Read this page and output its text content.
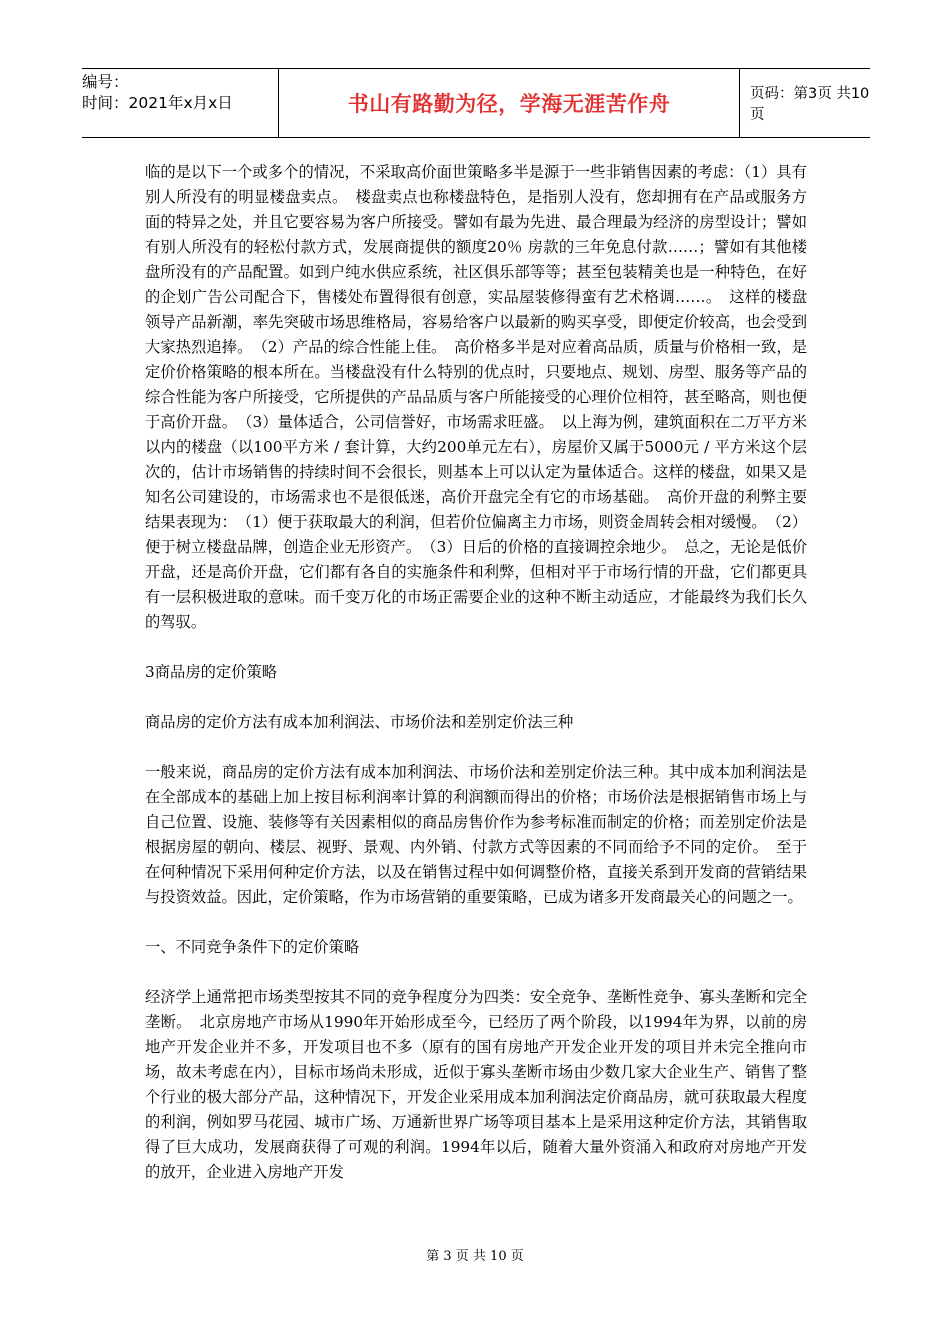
编号：
时间：2021年x月x日	书山有路勤为径，学海无涯苦作舟	页码：第3页 共10页

临的是以下一个或多个的情况，不采取高价面世策略多半是源于一些非销售因素的考虑：（1）具有别人所没有的明显楼盘卖点。　楼盘卖点也称楼盘特色，是指别人没有，您却拥有在产品或服务方面的特异之处，并且它要容易为客户所接受。譬如有最为先进、最合理最为经济的房型设计；譬如有别人所没有的轻松付款方式，发展商提供的额度20％ 房款的三年免息付款……；譬如有其他楼盘所没有的产品配置。如到户纯水供应系统，社区俱乐部等等；甚至包装精美也是一种特色，在好的企划广告公司配合下，售楼处布置得很有创意，实品屋装修得蛮有艺术格调……。　这样的楼盘领导产品新潮，率先突破市场思维格局，容易给客户以最新的购买享受，即便定价较高，也会受到大家热烈追捧。　（2）产品的综合性能上佳。　高价格多半是对应着高品质，质量与价格相一致，是定价价格策略的根本所在。当楼盘没有什么特别的优点时，只要地点、规划、房型、服务等产品的综合性能为客户所接受，它所提供的产品品质与客户所能接受的心理价位相符，甚至略高，则也便于高价开盘。　（3）量体适合，公司信誉好，市场需求旺盛。　以上海为例，建筑面积在二万平方米以内的楼盘（以100平方米 / 套计算，大约200单元左右），房屋价又属于5000元 / 平方米这个层次的，估计市场销售的持续时间不会很长，则基本上可以认定为量体适合。这样的楼盘，如果又是知名公司建设的，市场需求也不是很低迷，高价开盘完全有它的市场基础。　高价开盘的利弊主要结果表现为：　（1）便于获取最大的利润，但若价位偏离主力市场，则资金周转会相对缓慢。　（2）便于树立楼盘品牌，创造企业无形资产。　（3）日后的价格的直接调控余地少。　总之，无论是低价开盘，还是高价开盘，它们都有各自的实施条件和利弊，但相对平于市场行情的开盘，它们都更具有一层积极进取的意味。而千变万化的市场正需要企业的这种不断主动适应，才能最终为我们长久的驾驭。

3商品房的定价策略

商品房的定价方法有成本加利润法、市场价法和差别定价法三种

一般来说，商品房的定价方法有成本加利润法、市场价法和差别定价法三种。其中成本加利润法是在全部成本的基础上加上按目标利润率计算的利润额而得出的价格；市场价法是根据销售市场上与自己位置、设施、装修等有关因素相似的商品房售价作为参考标准而制定的价格；而差别定价法是根据房屋的朝向、楼层、视野、景观、内外销、付款方式等因素的不同而给予不同的定价。　至于在何种情况下采用何种定价方法，以及在销售过程中如何调整价格，直接关系到开发商的营销结果与投资效益。因此，定价策略，作为市场营销的重要策略，已成为诸多开发商最关心的问题之一。

一、不同竞争条件下的定价策略

经济学上通常把市场类型按其不同的竞争程度分为四类：安全竞争、垄断性竞争、寡头垄断和完全垄断。　北京房地产市场从1990年开始形成至今，已经历了两个阶段，以1994年为界，以前的房地产开发企业并不多，开发项目也不多（原有的国有房地产开发企业开发的项目并未完全推向市场，故未考虑在内），目标市场尚未形成，近似于寡头垄断市场由少数几家大企业生产、销售了整个行业的极大部分产品，这种情况下，开发企业采用成本加利润法定价商品房，就可获取最大程度的利润，例如罗马花园、城市广场、万通新世界广场等项目基本上是采用这种定价方法，其销售取得了巨大成功，发展商获得了可观的利润。1994年以后，随着大量外资涌入和政府对房地产开发的放开，企业进入房地产开发

第 3 页 共 10 页
